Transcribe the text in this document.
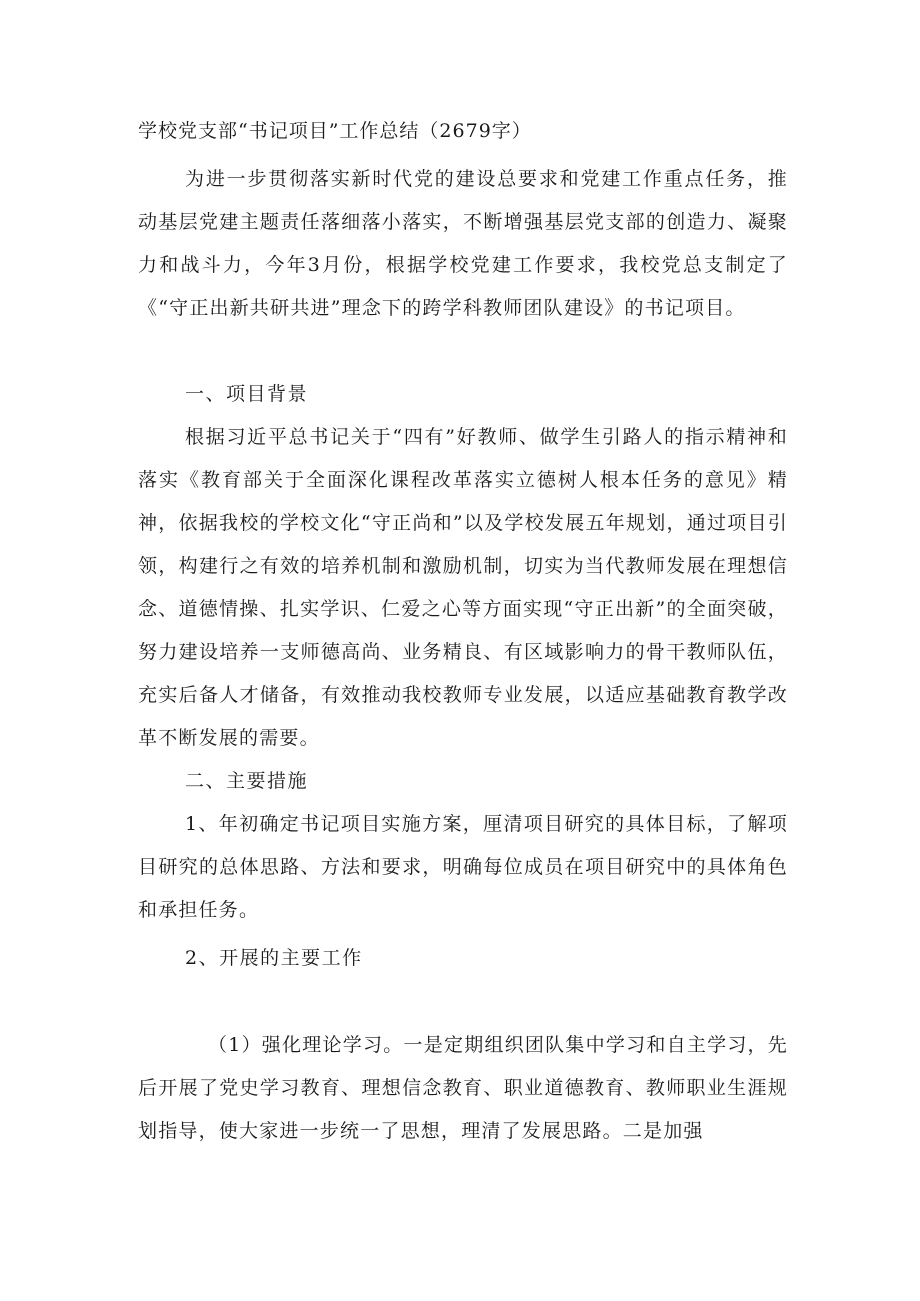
学校党支部“书记项目”工作总结（2679字）

为进一步贯彻落实新时代党的建设总要求和党建工作重点任务，推动基层党建主题责任落细落小落实，不断增强基层党支部的创造力、凝聚力和战斗力，今年3月份，根据学校党建工作要求，我校党总支制定了《“守正出新共研共进”理念下的跨学科教师团队建设》的书记项目。

一、项目背景

根据习近平总书记关于“四有”好教师、做学生引路人的指示精神和落实《教育部关于全面深化课程改革落实立德树人根本任务的意见》精神，依据我校的学校文化“守正尚和”以及学校发展五年规划，通过项目引领，构建行之有效的培养机制和激励机制，切实为当代教师发展在理想信念、道德情操、扎实学识、仁爱之心等方面实现“守正出新”的全面突破，努力建设培养一支师德高尚、业务精良、有区域影响力的骨干教师队伍，充实后备人才储备，有效推动我校教师专业发展，以适应基础教育教学改革不断发展的需要。

二、主要措施

1、年初确定书记项目实施方案，厘清项目研究的具体目标，了解项目研究的总体思路、方法和要求，明确每位成员在项目研究中的具体角色和承担任务。

2、开展的主要工作

（1）强化理论学习。一是定期组织团队集中学习和自主学习，先后开展了党史学习教育、理想信念教育、职业道德教育、教师职业生涯规划指导，使大家进一步统一了思想，理清了发展思路。二是加强
